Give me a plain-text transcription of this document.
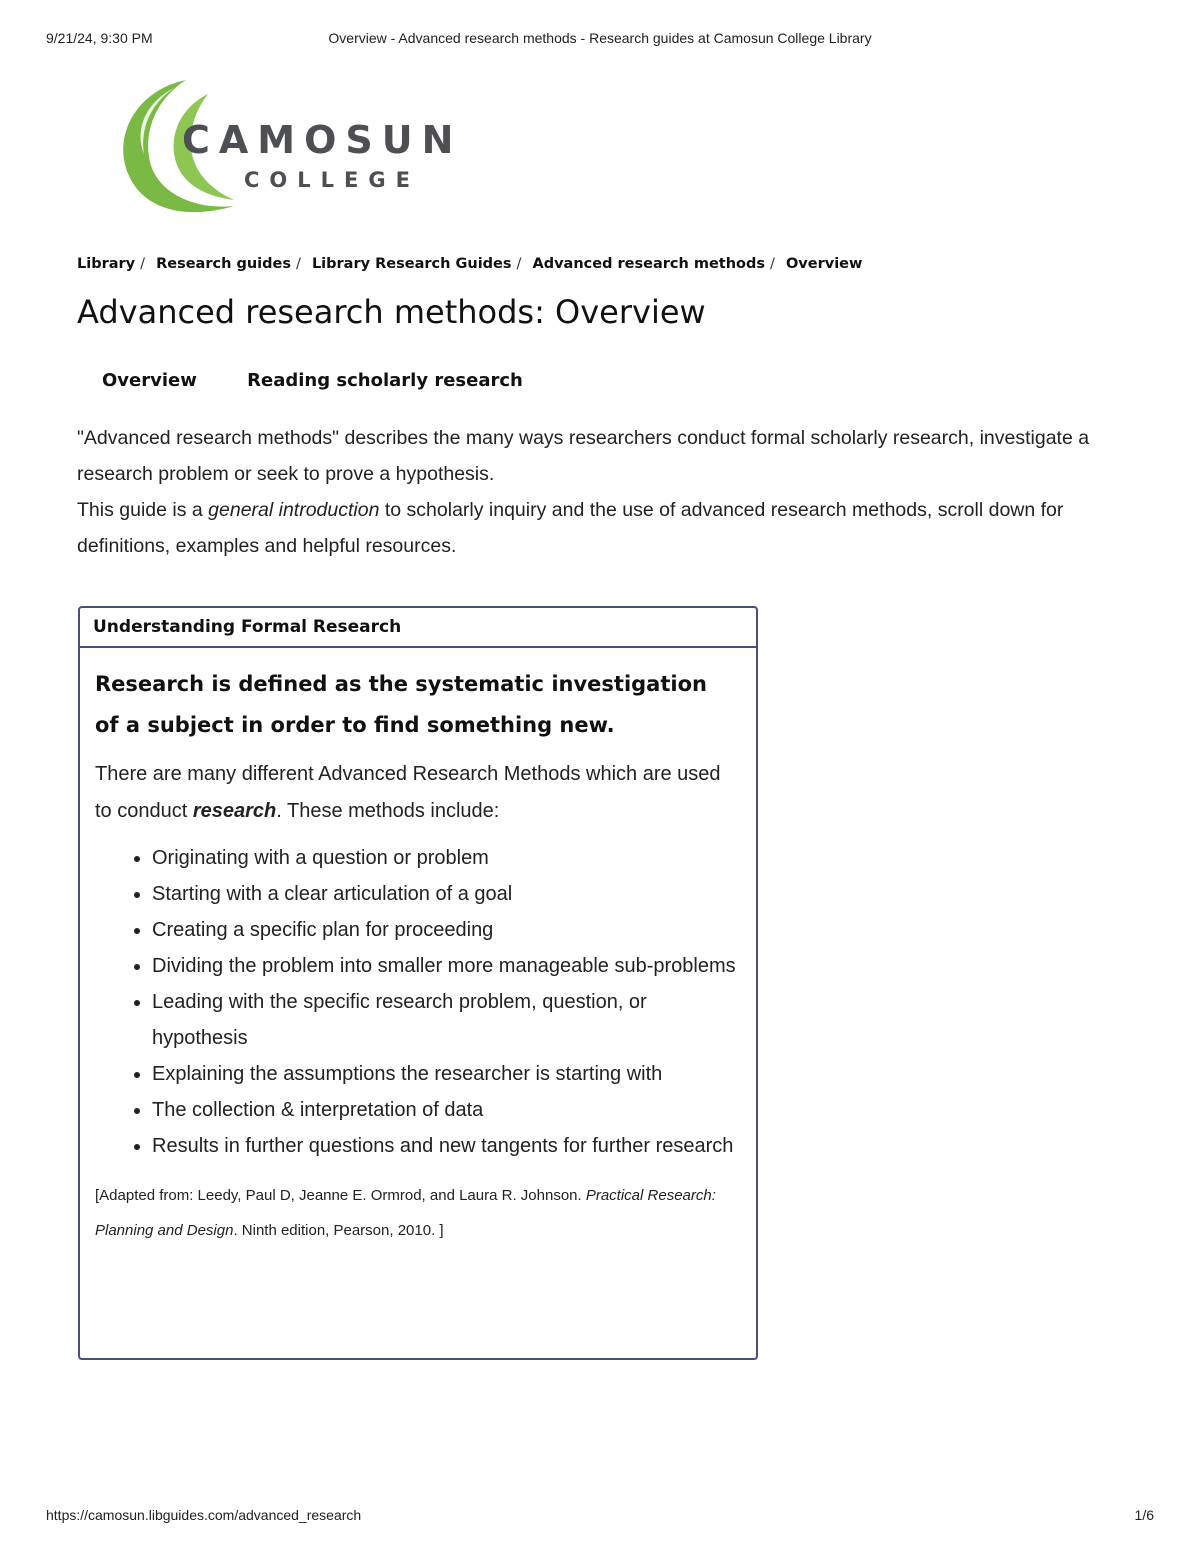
9/21/24, 9:30 PM	Overview - Advanced research methods - Research guides at Camosun College Library
CAMOSUN
COLLEGE
Library / Research guides / Library Research Guides / Advanced research methods / Overview
Advanced research methods: Overview
Overview	Reading scholarly research

"Advanced research methods" describes the many ways researchers conduct formal scholarly research, investigate a research problem or seek to prove a hypothesis.

This guide is a general introduction to scholarly inquiry and the use of advanced research methods, scroll down for definitions, examples and helpful resources.

Understanding Formal Research

Research is defined as the systematic investigation of a subject in order to find something new.

There are many different Advanced Research Methods which are used to conduct research. These methods include:

• Originating with a question or problem
• Starting with a clear articulation of a goal
• Creating a specific plan for proceeding
• Dividing the problem into smaller more manageable sub-problems
• Leading with the specific research problem, question, or hypothesis
• Explaining the assumptions the researcher is starting with
• The collection & interpretation of data
• Results in further questions and new tangents for further research

[Adapted from: Leedy, Paul D, Jeanne E. Ormrod, and Laura R. Johnson. Practical Research: Planning and Design. Ninth edition, Pearson, 2010. ]

https://camosun.libguides.com/advanced_research	1/6
